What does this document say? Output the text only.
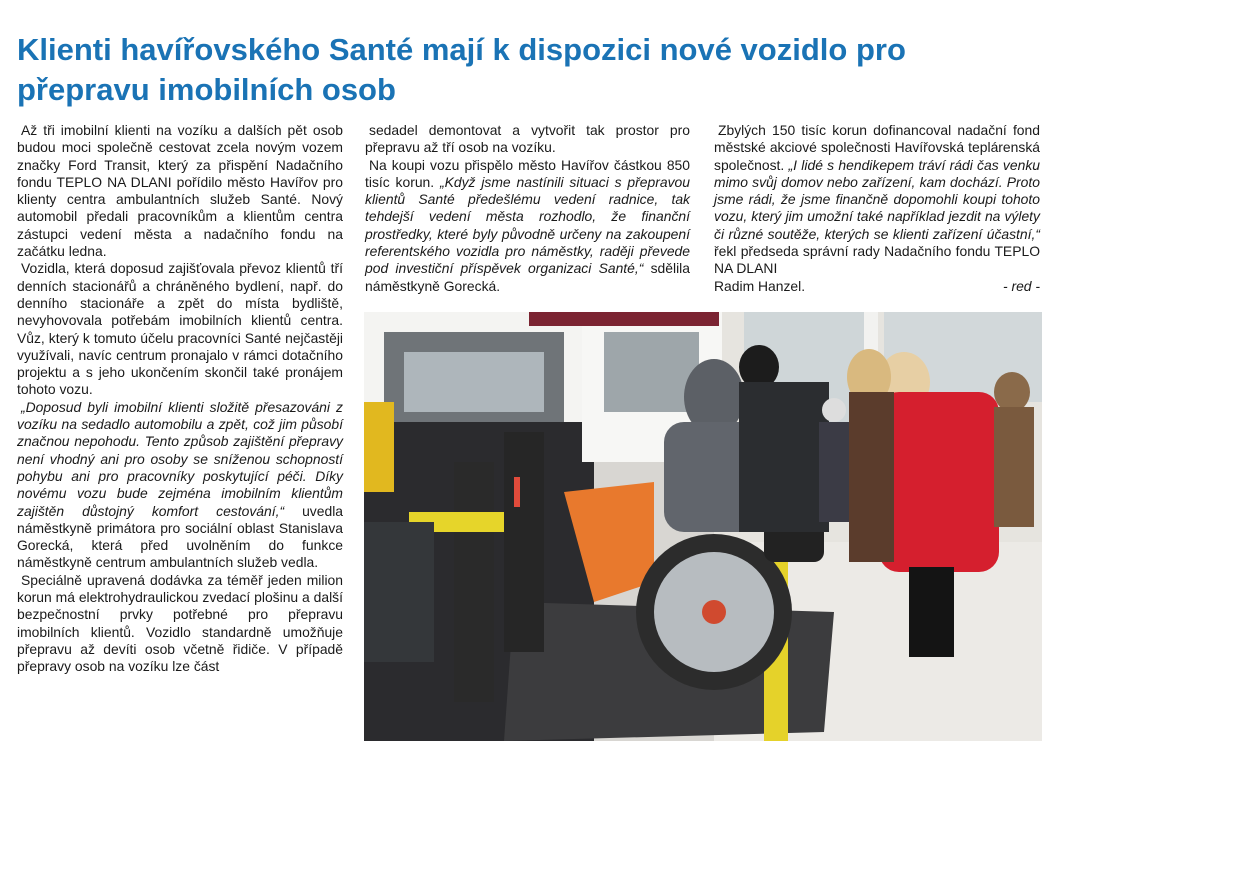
Klienti havířovského Santé mají k dispozici nové vozidlo pro přepravu imobilních osob

Až tři imobilní klienti na vozíku a dalších pět osob budou moci společně cestovat zcela novým vozem značky Ford Transit, který za přispění Nadačního fondu TEPLO NA DLANI pořídilo město Havířov pro klienty centra ambulantních služeb Santé. Nový automobil předali pracovníkům a klientům centra zástupci vedení města a nadačního fondu na začátku ledna.

Vozidla, která doposud zajišťovala převoz klientů tří denních stacionářů a chráněného bydlení, např. do denního stacionáře a zpět do místa bydliště, nevyhovovala potřebám imobilních klientů centra. Vůz, který k tomuto účelu pracovníci Santé nejčastěji využívali, navíc centrum pronajalo v rámci dotačního projektu a s jeho ukončením skončil také pronájem tohoto vozu.

„Doposud byli imobilní klienti složitě přesazováni z vozíku na sedadlo automobilu a zpět, což jim působí značnou nepohodu. Tento způsob zajištění přepravy není vhodný ani pro osoby se sníženou schopností pohybu ani pro pracovníky poskytující péči. Díky novému vozu bude zejména imobilním klientům zajištěn důstojný komfort cestování,“ uvedla náměstkyně primátora pro sociální oblast Stanislava Gorecká, která před uvolněním do funkce náměstkyně centrum ambulantních služeb vedla.

Speciálně upravená dodávka za téměř jeden milion korun má elektrohydraulickou zvedací plošinu a další bezpečnostní prvky potřebné pro přepravu imobilních klientů. Vozidlo standardně umožňuje přepravu až devíti osob včetně řidiče. V případě přepravy osob na vozíku lze část

sedadel demontovat a vytvořit tak prostor pro přepravu až tří osob na vozíku.

Na koupi vozu přispělo město Havířov částkou 850 tisíc korun. „Když jsme nastínili situaci s přepravou klientů Santé předešlému vedení radnice, tak tehdejší vedení města rozhodlo, že finanční prostředky, které byly původně určeny na zakoupení referentského vozidla pro náměstky, raději převede pod investiční příspěvek organizaci Santé,“ sdělila náměstkyně Gorecká.

Zbylých 150 tisíc korun dofinancoval nadační fond městské akciové společnosti Havířovská teplárenská společnost. „I lidé s hendikepem tráví rádi čas venku mimo svůj domov nebo zařízení, kam dochází. Proto jsme rádi, že jsme finančně dopomohli koupi tohoto vozu, který jim umožní také například jezdit na výlety či různé soutěže, kterých se klienti zařízení účastní,“ řekl předseda správní rady Nadačního fondu TEPLO NA DLANI

Radim Hanzel.	- red -
